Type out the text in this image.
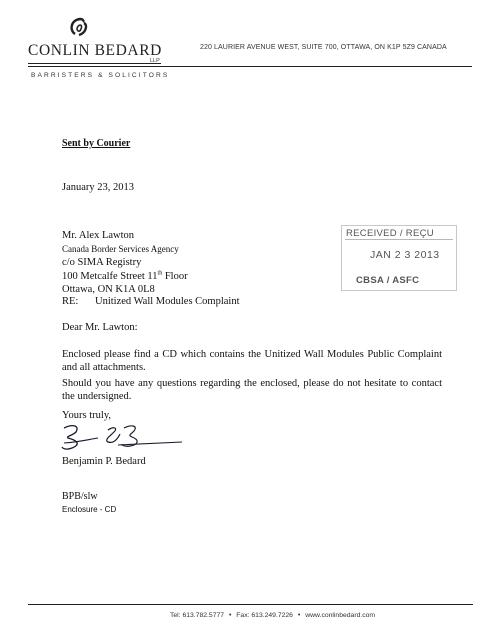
CONLIN BEDARD
LLP
BARRISTERS & SOLICITORS
220 LAURIER AVENUE WEST, SUITE 700, OTTAWA, ON K1P 5Z9 CANADA
Sent by Courier
January 23, 2013
Mr. Alex Lawton
Canada Border Services Agency
c/o SIMA Registry
100 Metcalfe Street 11th Floor
Ottawa, ON K1A 0L8
RECEIVED / REÇU
JAN 2 3 2013
CBSA / ASFC
RE: Unitized Wall Modules Complaint
Dear Mr. Lawton:
Enclosed please find a CD which contains the Unitized Wall Modules Public Complaint and all attachments.
Should you have any questions regarding the enclosed, please do not hesitate to contact the undersigned.
Yours truly,
Benjamin P. Bedard
BPB/slw
Enclosure - CD
Tel: 613.782.5777 • Fax: 613.249.7226 • www.conlinbedard.com
